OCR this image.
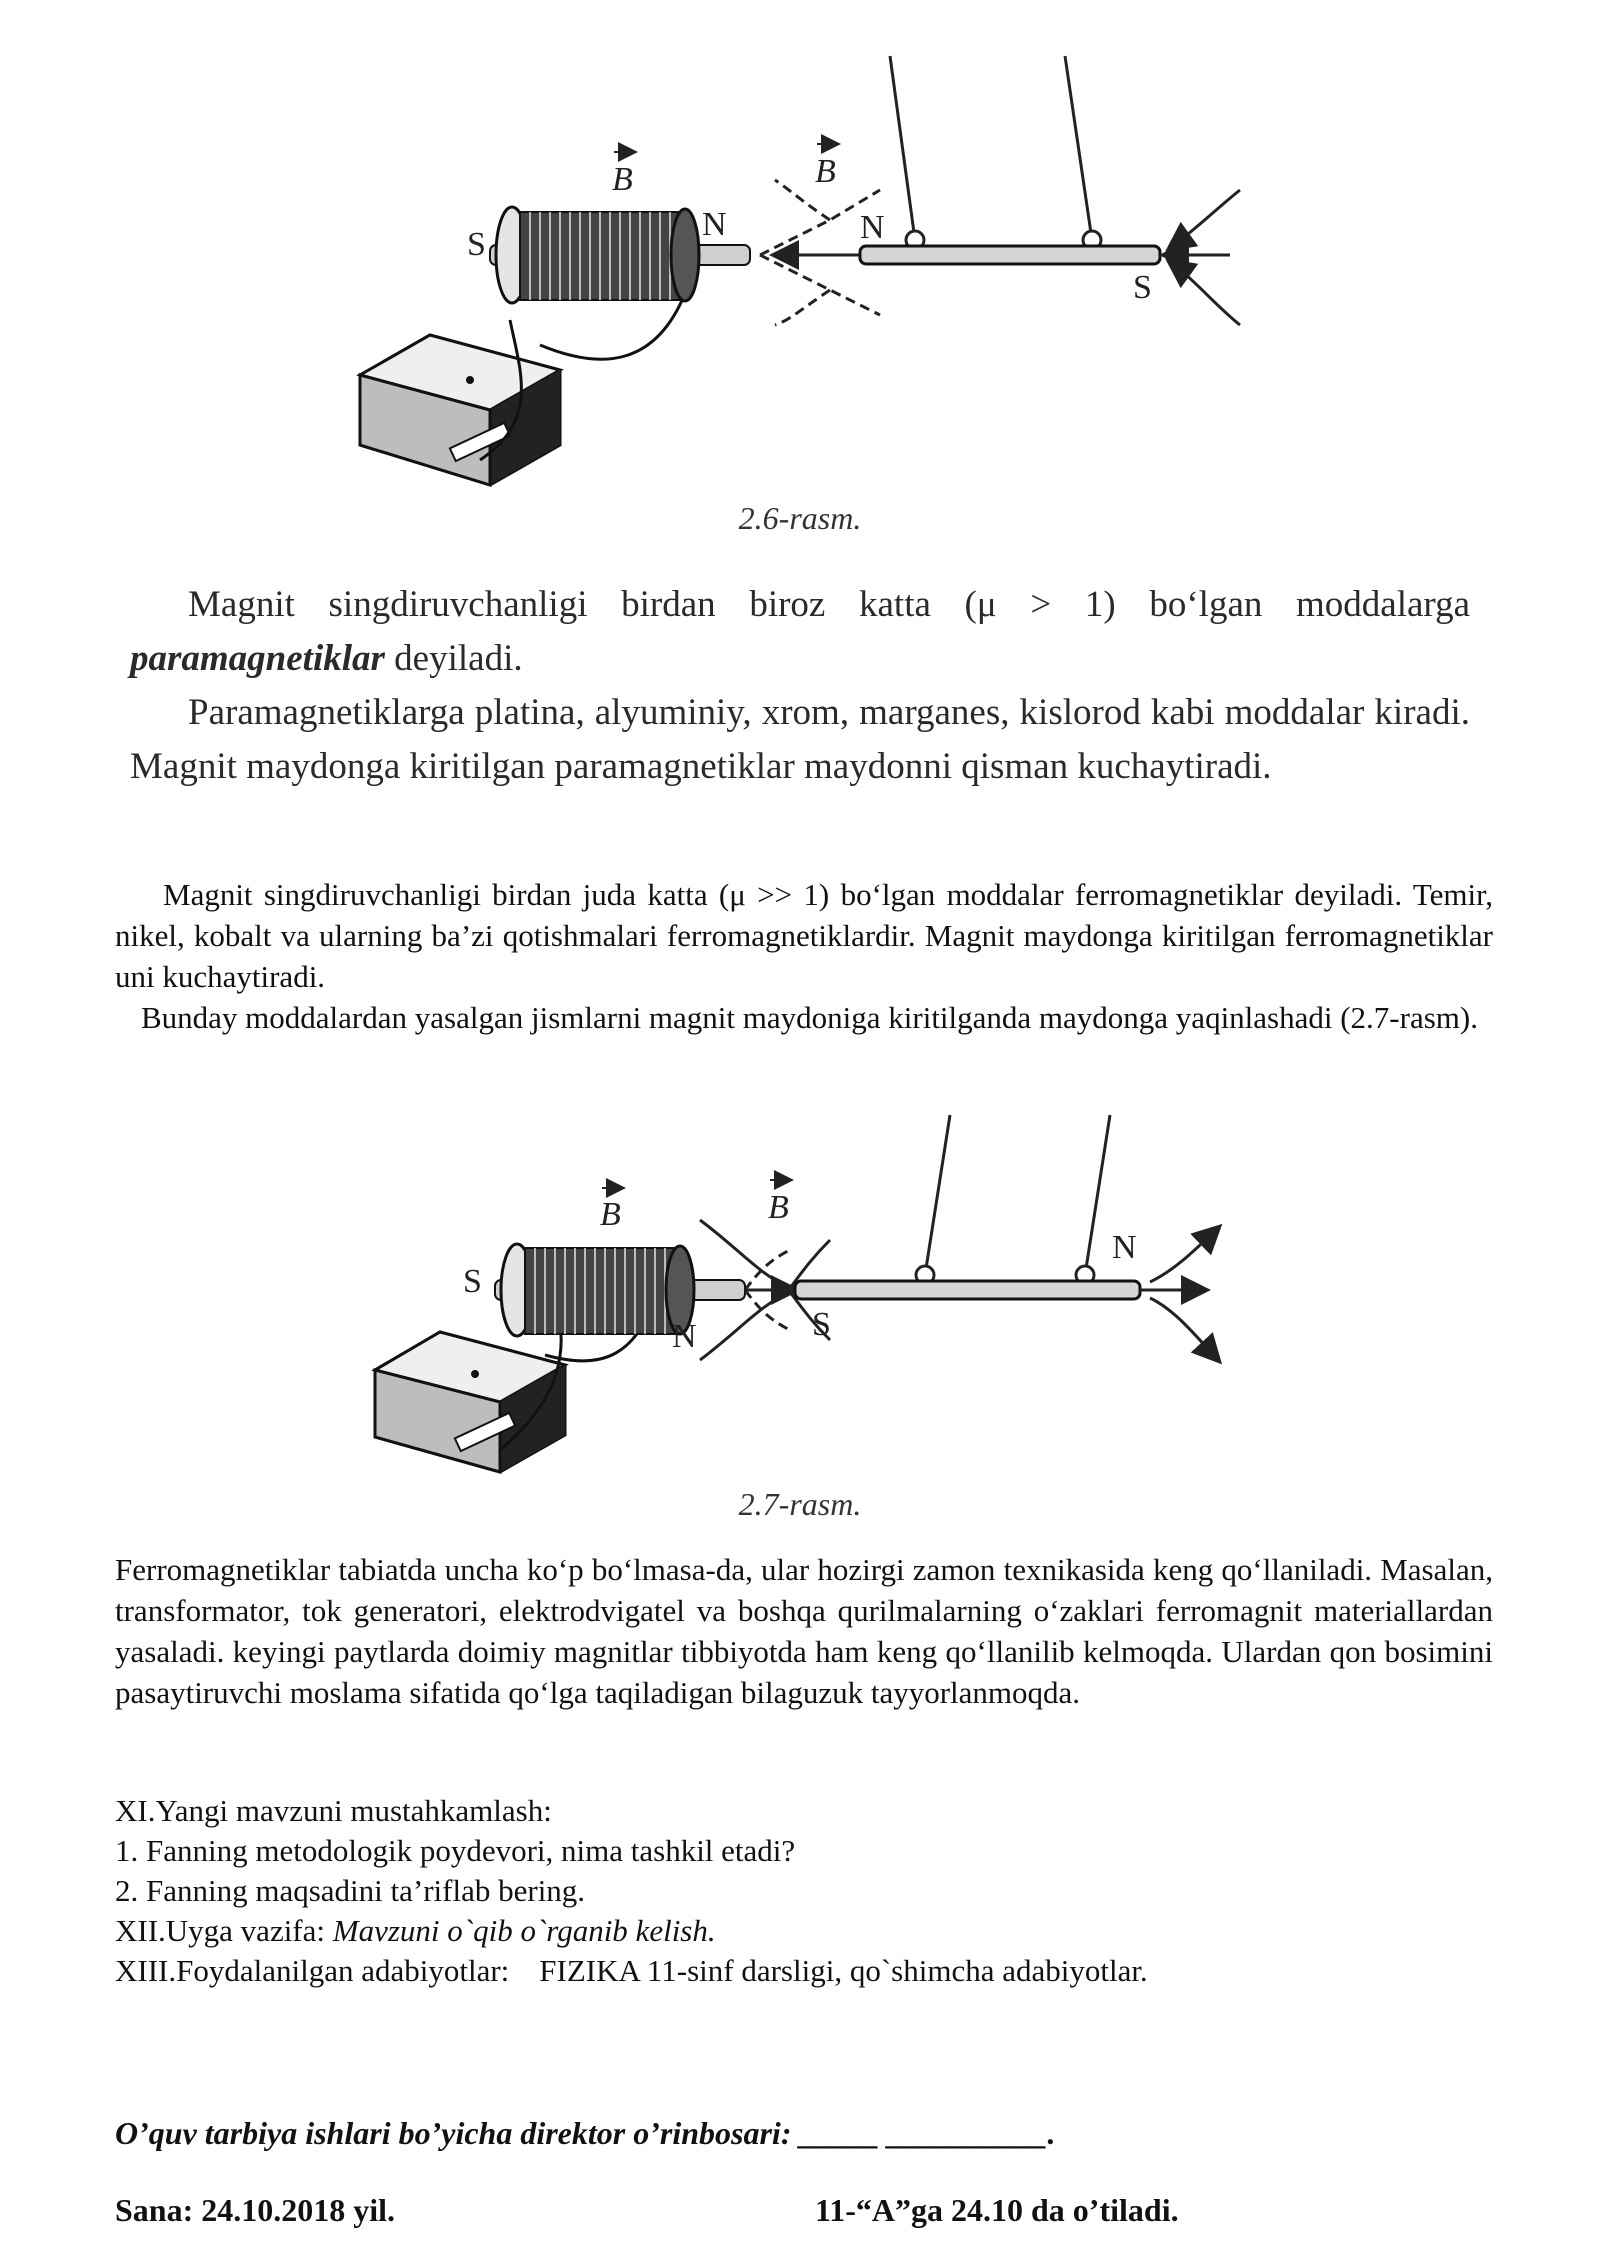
B	B
S
N	N
S
2.6-rasm.

Magnit singdiruvchanligi birdan biroz katta (μ > 1) bo‘lgan moddalarga paramagnetiklar deyiladi.

Paramagnetiklarga platina, alyuminiy, xrom, marganes, kislorod kabi moddalar kiradi. Magnit maydonga kiritilgan paramagnetiklar maydonni qisman kuchaytiradi.

Magnit singdiruvchanligi birdan juda katta (μ >> 1) bo‘lgan moddalar ferromagnetiklar deyiladi. Temir, nikel, kobalt va ularning ba’zi qotishmalari ferromagnetiklardir. Magnit maydonga kiritilgan ferromagnetiklar uni kuchaytiradi.

Bunday moddalardan yasalgan jismlarni magnit maydoniga kiritilganda maydonga yaqinlashadi (2.7-rasm).

B	B
S
N	S
N
2.7-rasm.

Ferromagnetiklar tabiatda uncha ko‘p bo‘lmasa-da, ular hozirgi zamon texnikasida keng qo‘llaniladi. Masalan, transformator, tok generatori, elektrodvigatel va boshqa qurilmalarning o‘zaklari ferromagnit materiallardan yasaladi. keyingi paytlarda doimiy magnitlar tibbiyotda ham keng qo‘llanilib kelmoqda. Ulardan qon bosimini pasaytiruvchi moslama sifatida qo‘lga taqiladigan bilaguzuk tayyorlanmoqda.

XI.Yangi mavzuni mustahkamlash:
1. Fanning metodologik poydevori, nima tashkil etadi?
2. Fanning maqsadini ta’riflab bering.
XII.Uyga vazifa: Mavzuni o`qib o`rganib kelish.
XIII.Foydalanilgan adabiyotlar: FIZIKA 11-sinf darsligi, qo`shimcha adabiyotlar.
O’quv tarbiya ishlari bo’yicha direktor o’rinbosari: _____ __________.
Sana: 24.10.2018 yil.	11-“A”ga 24.10 da o’tiladi.
